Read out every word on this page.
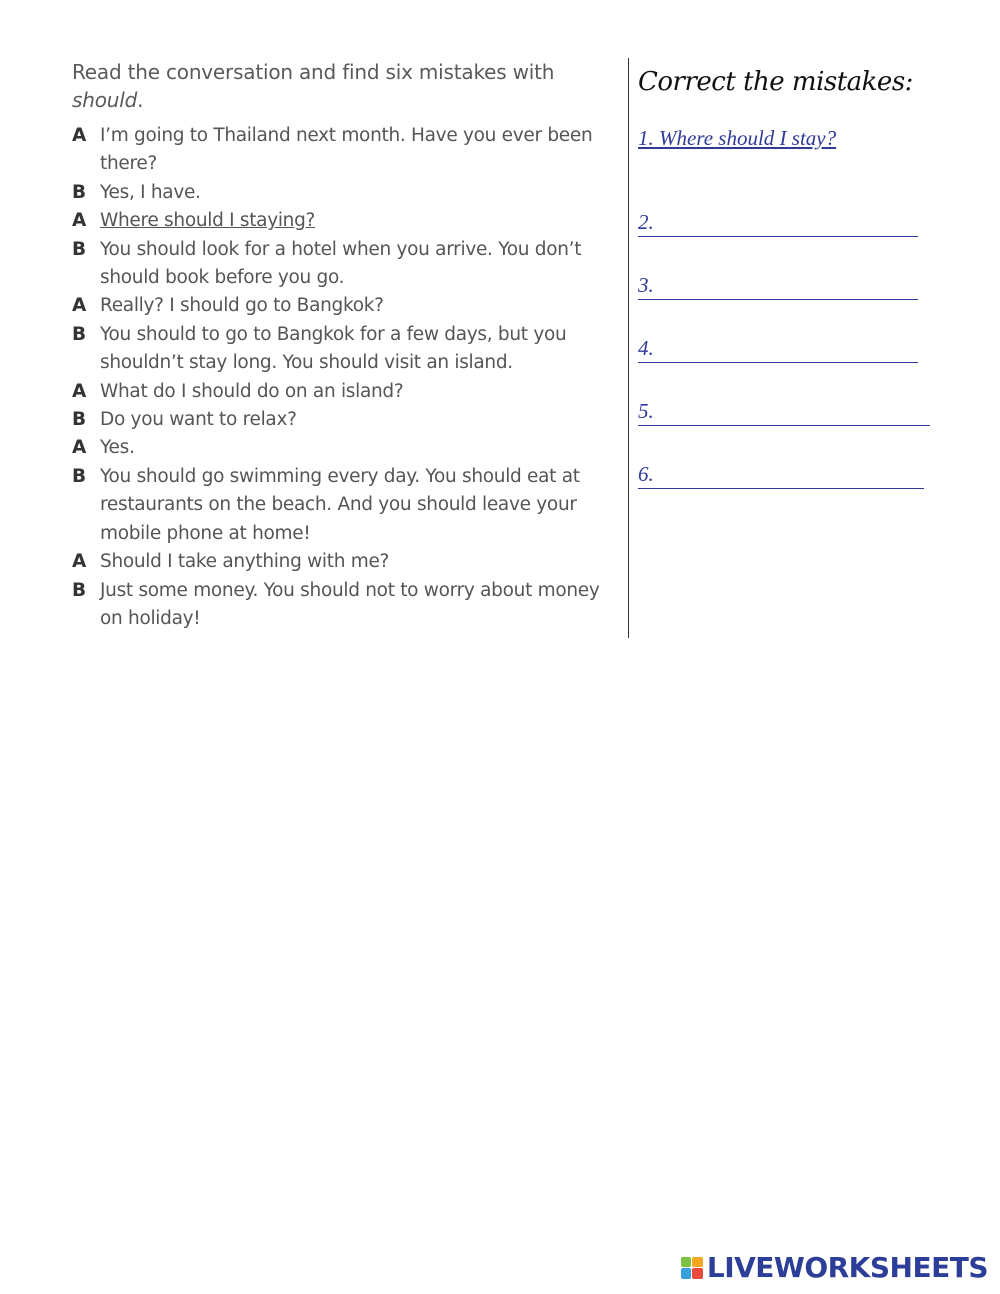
Read the conversation and find six mistakes with should.

A I’m going to Thailand next month. Have you ever been there?
B Yes, I have.
A Where should I staying?
B You should look for a hotel when you arrive. You don’t should book before you go.
A Really? I should go to Bangkok?
B You should to go to Bangkok for a few days, but you shouldn’t stay long. You should visit an island.
A What do I should do on an island?
B Do you want to relax?
A Yes.
B You should go swimming every day. You should eat at restaurants on the beach. And you should leave your mobile phone at home!
A Should I take anything with me?
B Just some money. You should not to worry about money on holiday!
Correct the mistakes:
1. Where should I stay?
2.
3.
4.
5.
6.
LIVEWORKSHEETS
